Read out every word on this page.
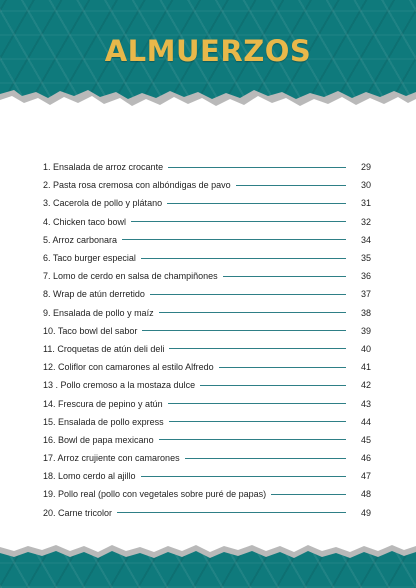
ALMUERZOS
1. Ensalada de arroz crocante	29
2. Pasta rosa cremosa con albóndigas de pavo	30
3. Cacerola de pollo y plátano	31
4. Chicken taco bowl	32
5. Arroz carbonara	34
6. Taco burger especial	35
7. Lomo de cerdo en salsa de champiñones	36
8. Wrap de atún derretido	37
9. Ensalada de pollo y maíz	38
10. Taco bowl del sabor	39
11. Croquetas de atún deli deli	40
12. Coliflor con camarones al estilo Alfredo	41
13 . Pollo cremoso a la mostaza dulce	42
14. Frescura de pepino y atún	43
15. Ensalada de pollo express	44
16. Bowl de papa mexicano	45
17. Arroz crujiente con camarones	46
18. Lomo cerdo al ajillo	47
19. Pollo real (pollo con vegetales sobre puré de papas)	48
20. Carne tricolor	49
